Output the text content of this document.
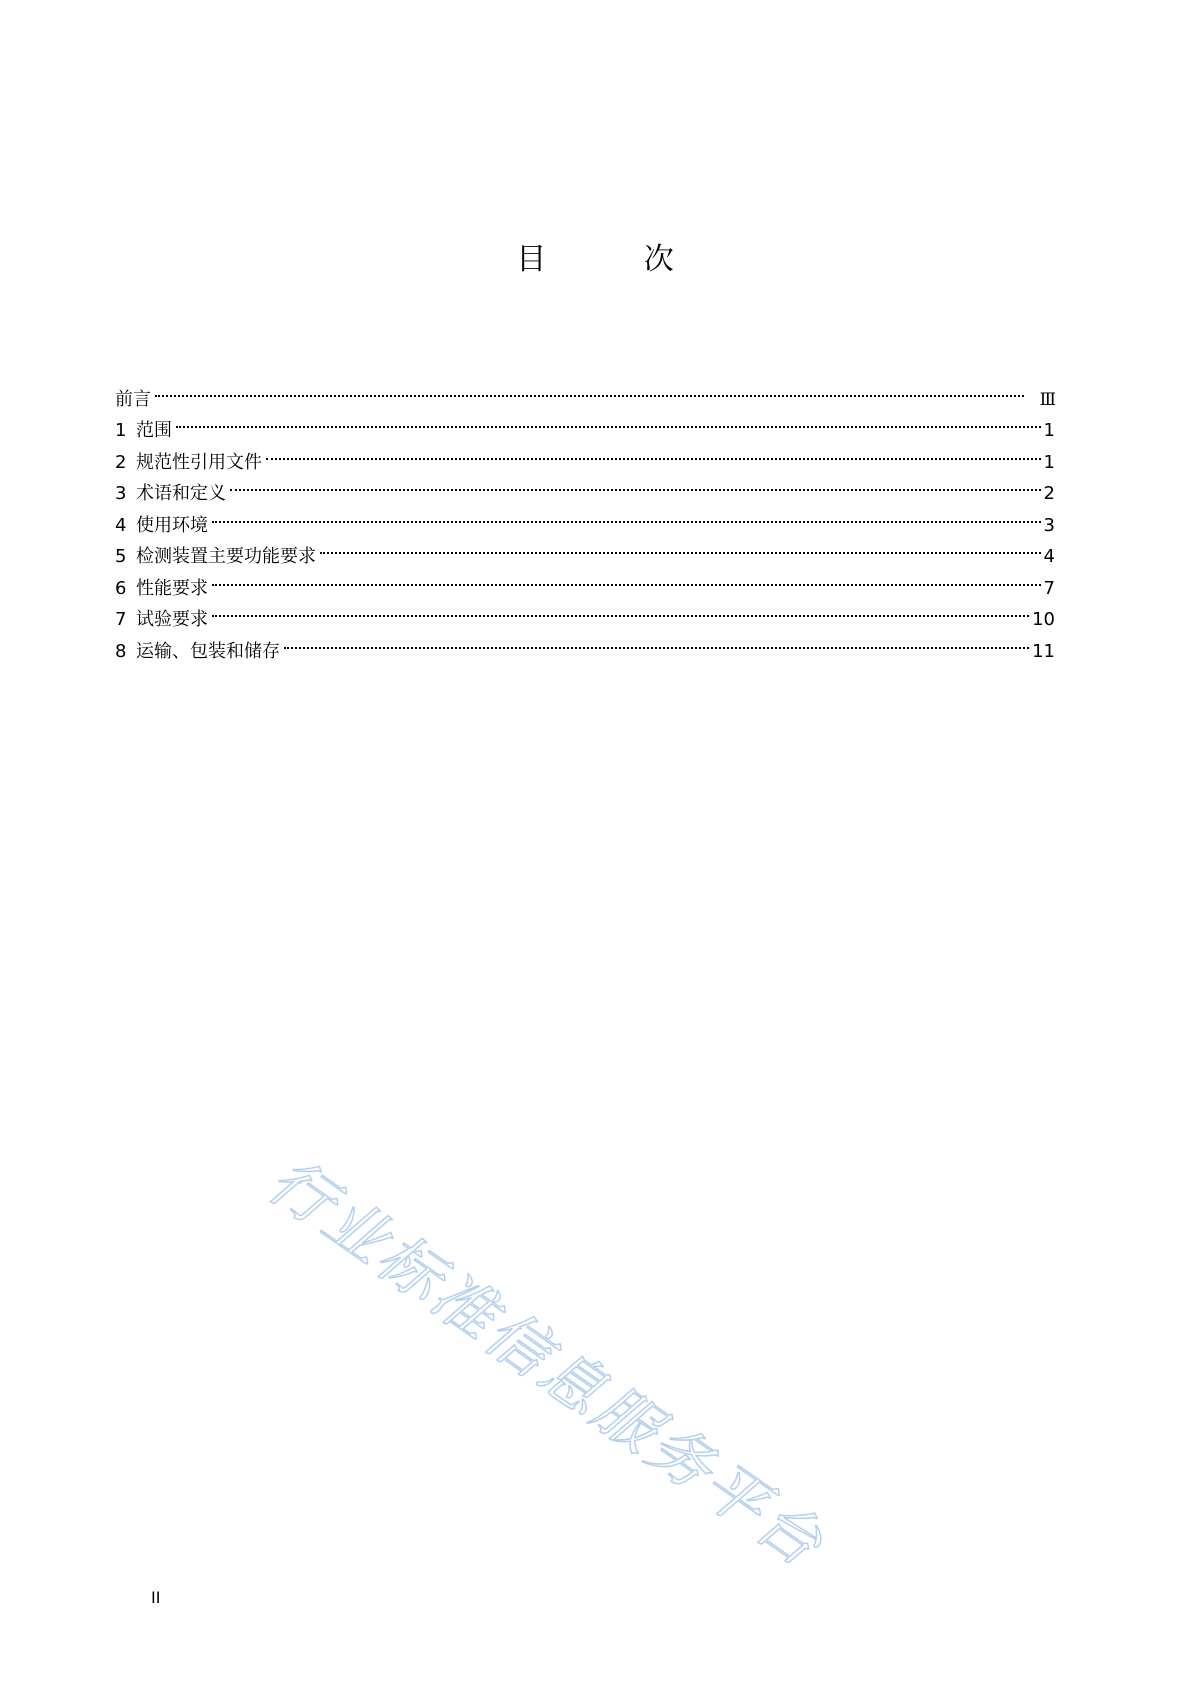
目 次
前言	Ⅲ
1 范围	1
2 规范性引用文件	1
3 术语和定义	2
4 使用环境	3
5 检测装置主要功能要求	4
6 性能要求	7
7 试验要求	10
8 运输、包装和储存	11
行业标准信息服务平台
II
